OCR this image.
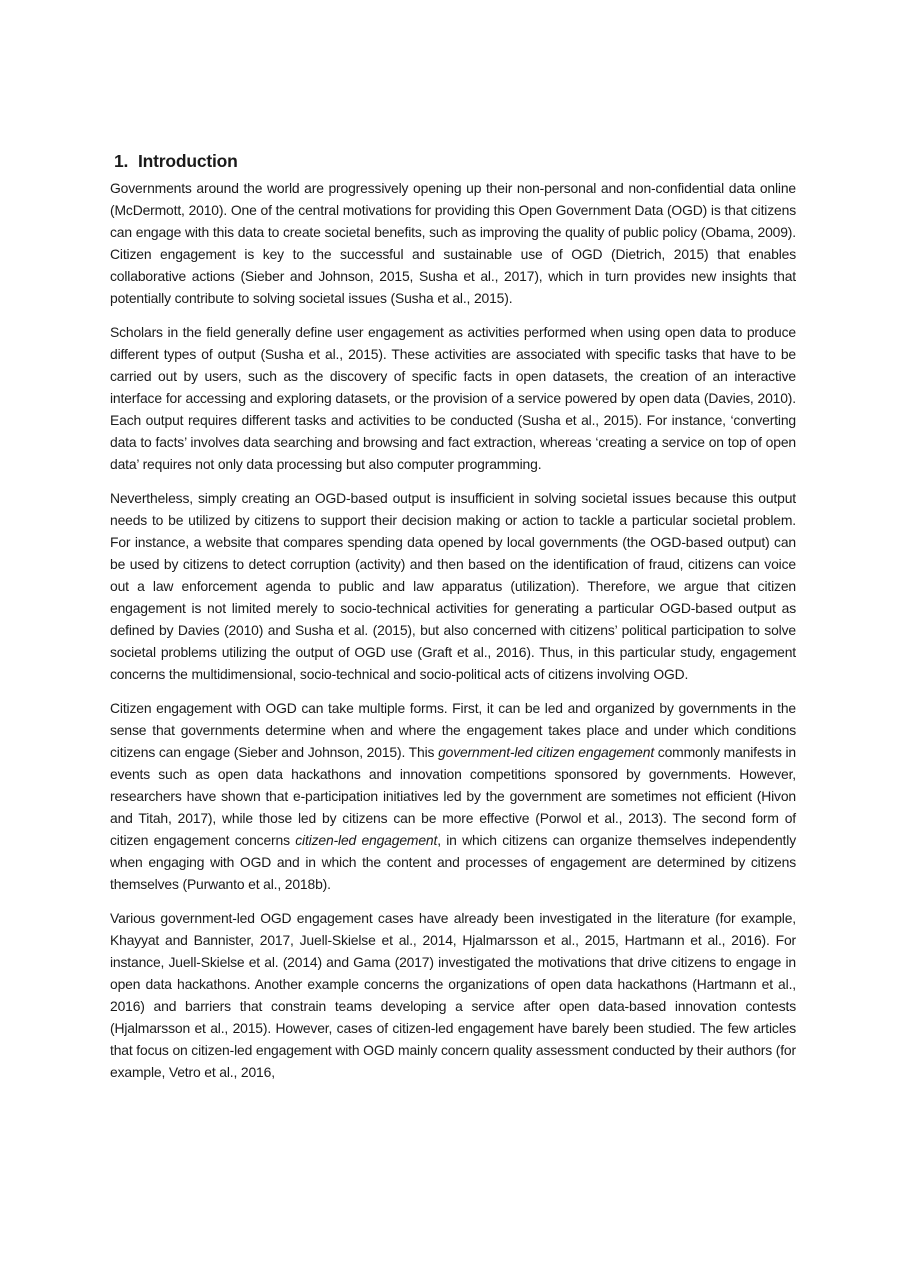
1. Introduction

Governments around the world are progressively opening up their non-personal and non-confidential data online (McDermott, 2010). One of the central motivations for providing this Open Government Data (OGD) is that citizens can engage with this data to create societal benefits, such as improving the quality of public policy (Obama, 2009). Citizen engagement is key to the successful and sustainable use of OGD (Dietrich, 2015) that enables collaborative actions (Sieber and Johnson, 2015, Susha et al., 2017), which in turn provides new insights that potentially contribute to solving societal issues (Susha et al., 2015).

Scholars in the field generally define user engagement as activities performed when using open data to produce different types of output (Susha et al., 2015). These activities are associated with specific tasks that have to be carried out by users, such as the discovery of specific facts in open datasets, the creation of an interactive interface for accessing and exploring datasets, or the provision of a service powered by open data (Davies, 2010). Each output requires different tasks and activities to be conducted (Susha et al., 2015). For instance, ‘converting data to facts’ involves data searching and browsing and fact extraction, whereas ‘creating a service on top of open data’ requires not only data processing but also computer programming.

Nevertheless, simply creating an OGD-based output is insufficient in solving societal issues because this output needs to be utilized by citizens to support their decision making or action to tackle a particular societal problem. For instance, a website that compares spending data opened by local governments (the OGD-based output) can be used by citizens to detect corruption (activity) and then based on the identification of fraud, citizens can voice out a law enforcement agenda to public and law apparatus (utilization). Therefore, we argue that citizen engagement is not limited merely to socio-technical activities for generating a particular OGD-based output as defined by Davies (2010) and Susha et al. (2015), but also concerned with citizens’ political participation to solve societal problems utilizing the output of OGD use (Graft et al., 2016). Thus, in this particular study, engagement concerns the multidimensional, socio-technical and socio-political acts of citizens involving OGD.

Citizen engagement with OGD can take multiple forms. First, it can be led and organized by governments in the sense that governments determine when and where the engagement takes place and under which conditions citizens can engage (Sieber and Johnson, 2015). This government-led citizen engagement commonly manifests in events such as open data hackathons and innovation competitions sponsored by governments. However, researchers have shown that e-participation initiatives led by the government are sometimes not efficient (Hivon and Titah, 2017), while those led by citizens can be more effective (Porwol et al., 2013). The second form of citizen engagement concerns citizen-led engagement, in which citizens can organize themselves independently when engaging with OGD and in which the content and processes of engagement are determined by citizens themselves (Purwanto et al., 2018b).

Various government-led OGD engagement cases have already been investigated in the literature (for example, Khayyat and Bannister, 2017, Juell-Skielse et al., 2014, Hjalmarsson et al., 2015, Hartmann et al., 2016). For instance, Juell-Skielse et al. (2014) and Gama (2017) investigated the motivations that drive citizens to engage in open data hackathons. Another example concerns the organizations of open data hackathons (Hartmann et al., 2016) and barriers that constrain teams developing a service after open data-based innovation contests (Hjalmarsson et al., 2015). However, cases of citizen-led engagement have barely been studied. The few articles that focus on citizen-led engagement with OGD mainly concern quality assessment conducted by their authors (for example, Vetro et al., 2016,
